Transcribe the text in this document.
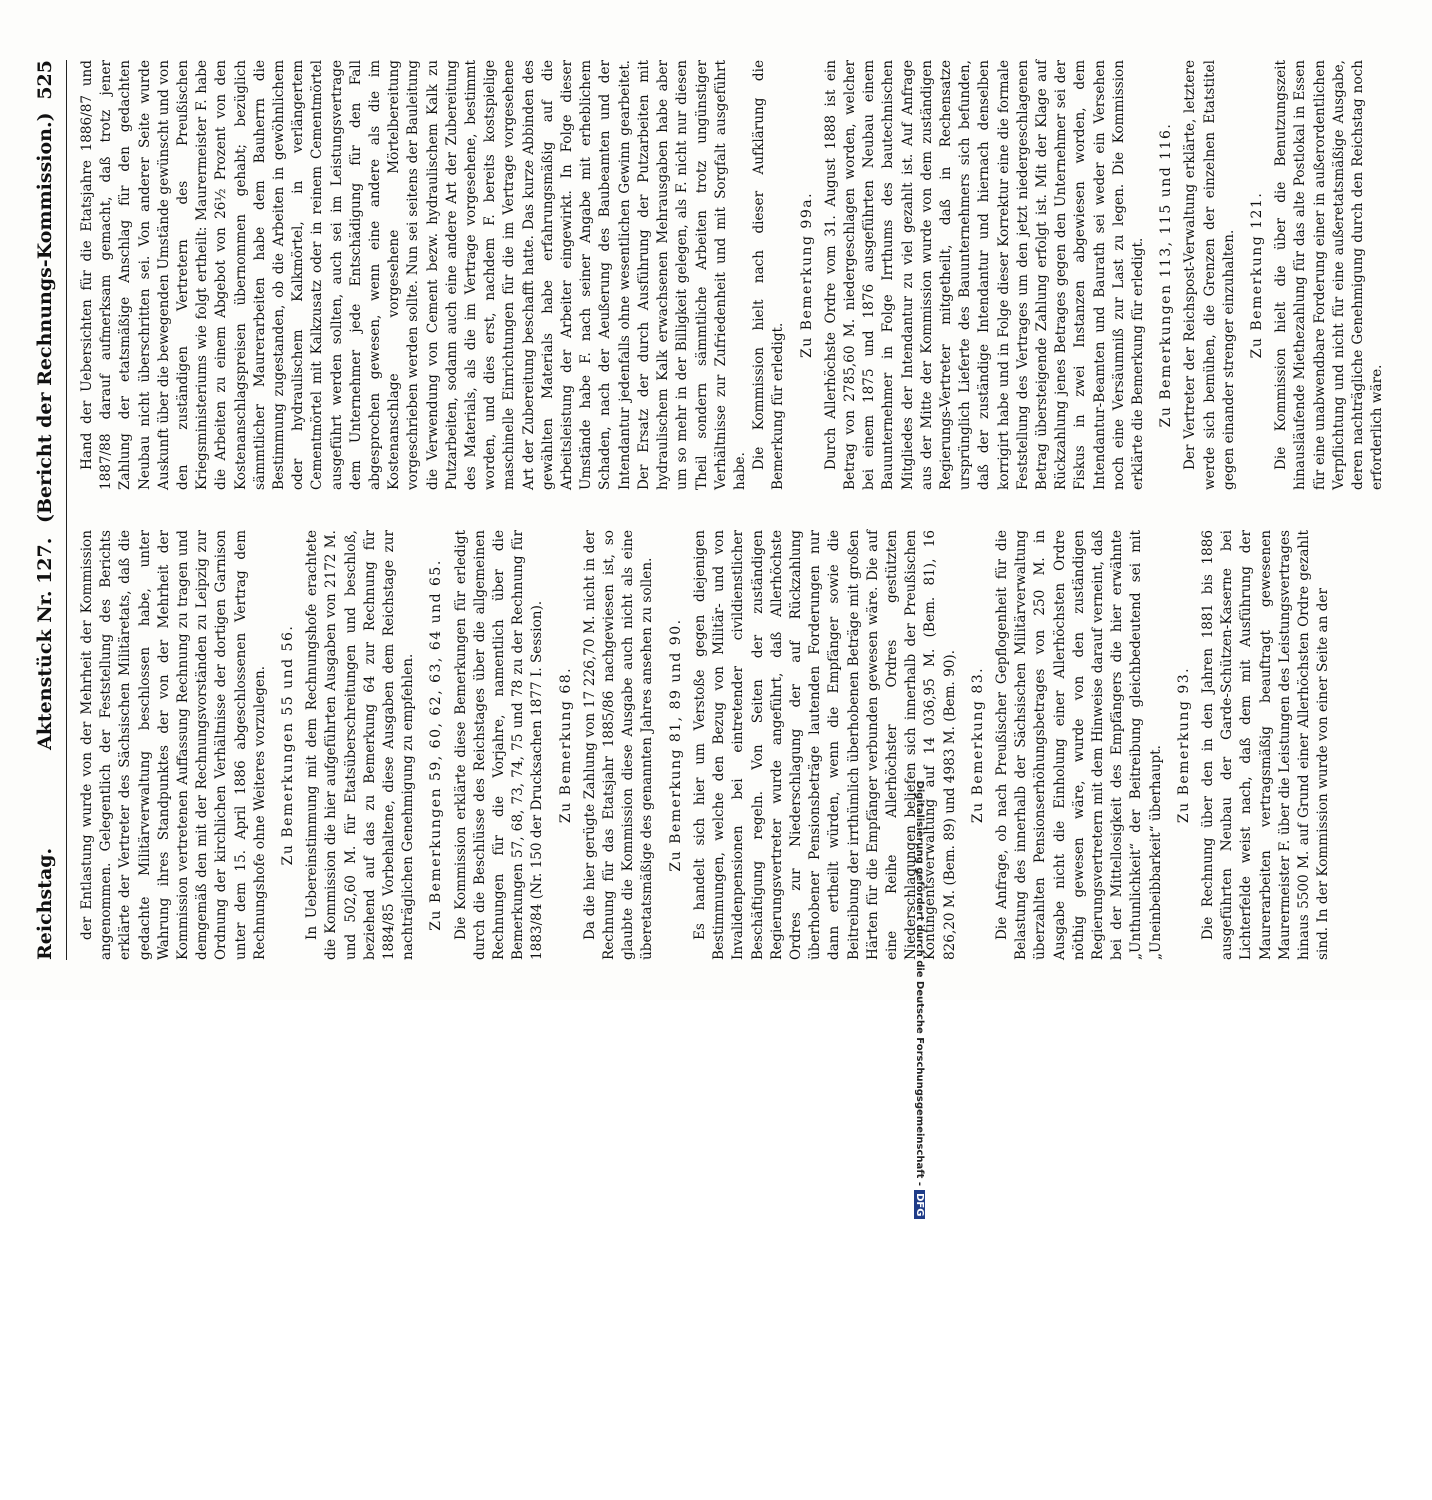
Reichstag.
Aktenstück Nr. 127. (Bericht der Rechnungs-Kommission.)
525

der Entlastung wurde von der Mehrheit der Kommission angenommen. Gelegentlich der Feststellung des Berichts erklärte der Vertreter des Sächsischen Militäretats, daß die gedachte Militärverwaltung beschlossen habe, unter Wahrung ihres Standpunktes der von der Mehrheit der Kommission vertretenen Auffassung Rechnung zu tragen und demgemäß den mit der Rechnungsvorständen zu Leipzig zur Ordnung der kirchlichen Verhältnisse der dortigen Garnison unter dem 15. April 1886 abgeschlossenen Vertrag dem Rechnungshofe ohne Weiteres vorzulegen. Zu Bemerkungen 55 und 56. In Uebereinstimmung mit dem Rechnungshofe erachtete die Kommission die hier aufgeführten Ausgaben von 2172 M. und 502,60 M. für Etatsüberschreitungen und beschloß, beziehend auf das zu Bemerkung 64 zur Rechnung für 1884/85 Vorbehaltene, diese Ausgaben dem Reichstage zur nachträglichen Genehmigung zu empfehlen. Zu Bemerkungen 59, 60, 62, 63, 64 und 65. Die Kommission erklärte diese Bemerkungen für erledigt durch die Beschlüsse des Reichstages über die allgemeinen Rechnungen für die Vorjahre, namentlich über die Bemerkungen 57, 68, 73, 74, 75 und 78 zu der Rechnung für 1883/84 (Nr. 150 der Drucksachen 1877 I. Session). Zu Bemerkung 68. Da die hier gerügte Zahlung von 17 226,70 M. nicht in der Rechnung für das Etatsjahr 1885/86 nachgewiesen ist, so glaubte die Kommission diese Ausgabe auch nicht als eine überetatsmäßige des genannten Jahres ansehen zu sollen. Zu Bemerkung 81, 89 und 90. Es handelt sich hier um Verstoße gegen diejenigen Bestimmungen, welche den Bezug von Militär- und von Invalidenpensionen bei eintretender civildienstlicher Beschäftigung regeln. Von Seiten der zuständigen Regierungsvertreter wurde angeführt, daß Allerhöchste Ordres zur Niederschlagung der auf Rückzahlung überhobener Pensionsbeträge lautenden Forderungen nur dann ertheilt würden, wenn die Empfänger sowie die Beitreibung der irrthümlich überhobenen Beträge mit großen Härten für die Empfänger verbunden gewesen wäre. Die auf eine Reihe Allerhöchster Ordres gestützten Niederschlagungen beliefen sich innerhalb der Preußischen Kontingentsverwaltung auf 14 036,95 M. (Bem. 81), 16 826,20 M. (Bem. 89) und 4983 M. (Bem. 90). Zu Bemerkung 83. Die Anfrage, ob nach Preußischer Gepflogenheit für die Belastung des innerhalb der Sächsischen Militärverwaltung überzahlten Pensionserhöhungsbetrages von 250 M. in Ausgabe nicht die Einholung einer Allerhöchsten Ordre nöthig gewesen wäre, wurde von den zuständigen Regierungsvertretern mit dem Hinweise darauf verneint, daß bei der Mittellosigkeit des Empfängers die hier erwähnte „Unthunlichkeit“ der Beitreibung gleichbedeutend sei mit „Uneinbeibbarkeit“ überhaupt.

Zu Bemerkung 93. Die Rechnung über den in den Jahren 1881 bis 1886 ausgeführten Neubau der Garde-Schützen-Kaserne bei Lichterfelde weist nach, daß dem mit Ausführung der Maurerarbeiten vertragsmäßig beauftragt gewesenen Maurermeister F. über die Leistungen des Leistungsvertrages hinaus 5500 M. auf Grund einer Allerhöchsten Ordre gezahlt sind. In der Kommission wurde von einer Seite an der

Hand der Uebersichten für die Etatsjahre 1886/87 und 1887/88 darauf aufmerksam gemacht, daß trotz jener Zahlung der etatsmäßige Anschlag für den gedachten Neubau nicht überschritten sei. Von anderer Seite wurde Auskunft über die bewegenden Umstände gewünscht und von den zuständigen Vertretern des Preußischen Kriegsministeriums wie folgt ertheilt: Maurermeister F. habe die Arbeiten zu einem Abgebot von 26½ Prozent von den Kostenanschlagspreisen übernommen gehabt; bezüglich sämmtlicher Maurerarbeiten habe dem Bauherrn die Bestimmung zugestanden, ob die Arbeiten in gewöhnlichem oder hydraulischem Kalkmörtel, in verlängertem Cementmörtel mit Kalkzusatz oder in reinem Cementmörtel ausgeführt werden sollten, auch sei im Leistungsvertrage dem Unternehmer jede Entschädigung für den Fall abgesprochen gewesen, wenn eine andere als die im Kostenanschlage vorgesehene Mörtelbereitung vorgeschrieben werden sollte. Nun sei seitens der Bauleitung die Verwendung von Cement bezw. hydraulischem Kalk zu Putzarbeiten, sodann auch eine andere Art der Zubereitung des Materials, als die im Vertrage vorgesehene, bestimmt worden, und dies erst, nachdem F. bereits kostspielige maschinelle Einrichtungen für die im Vertrage vorgesehene Art der Zubereitung beschafft hatte. Das kurze Abbinden des gewählten Materials habe erfahrungsmäßig auf die Arbeitsleistung der Arbeiter eingewirkt. In Folge dieser Umstände habe F. nach seiner Angabe mit erheblichem Schaden, nach der Aeußerung des Baubeamten und der Intendantur jedenfalls ohne wesentlichen Gewinn gearbeitet. Der Ersatz der durch Ausführung der Putzarbeiten mit hydraulischem Kalk erwachsenen Mehrausgaben habe aber um so mehr in der Billigkeit gelegen, als F. nicht nur diesen Theil sondern sämmtliche Arbeiten trotz ungünstiger Verhältnisse zur Zufriedenheit und mit Sorgfalt ausgeführt habe.

Die Kommission hielt nach dieser Aufklärung die Bemerkung für erledigt.

Zu Bemerkung 99a. Durch Allerhöchste Ordre vom 31. August 1888 ist ein Betrag von 2785,60 M. niedergeschlagen worden, welcher bei einem 1875 und 1876 ausgeführten Neubau einem Bauunternehmer in Folge Irrthums des bautechnischen Mitgliedes der Intendantur zu viel gezahlt ist. Auf Anfrage aus der Mitte der Kommission wurde von dem zuständigen Regierungs-Vertreter mitgetheilt, daß in Rechensatze ursprünglich Lieferte des Bauunternehmers sich befunden, daß der zuständige Intendantur und hiernach denselben korrigirt habe und in Folge dieser Korrektur eine die formale Feststellung des Vertrages um den jetzt niedergeschlagenen Betrag übersteigende Zahlung erfolgt ist. Mit der Klage auf Rückzahlung jenes Betrages gegen den Unternehmer sei der Fiskus in zwei Instanzen abgewiesen worden, dem Intendantur-Beamten und Baurath sei weder ein Versehen noch eine Versäumniß zur Last zu legen. Die Kommission erklärte die Bemerkung für erledigt. Zu Bemerkungen 113, 115 und 116. Der Vertreter der Reichspost-Verwaltung erklärte, letztere werde sich bemühen, die Grenzen der einzelnen Etatstitel gegen einander strenger einzuhalten. Zu Bemerkung 121. Die Kommission hielt die über die Benutzungszeit hinausläufende Miethezahlung für das alte Postlokal in Essen für eine unabwendbare Forderung einer in außerordentlichen Verpflichtung und nicht für eine außeretatsmäßige Ausgabe, deren nachträgliche Genehmigung durch den Reichstag noch erforderlich wäre.

Digitalisierung gefördert durch die Deutsche Forschungsgemeinschaft -DFG
